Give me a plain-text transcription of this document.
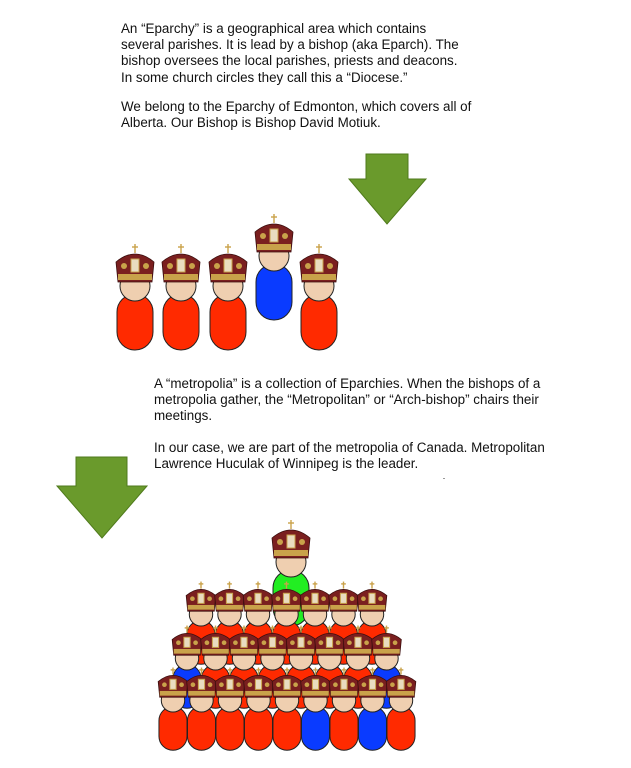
An “Eparchy” is a geographical area which contains
several parishes. It is lead by a bishop (aka Eparch). The
bishop oversees the local parishes, priests and deacons.
In some church circles they call this a “Diocese.”

We belong to the Eparchy of Edmonton, which covers all of
Alberta. Our Bishop is Bishop David Motiuk.

A “metropolia” is a collection of Eparchies. When the bishops of a
metropolia gather, the “Metropolitan” or “Arch-bishop” chairs their
meetings.

In our case, we are part of the metropolia of Canada. Metropolitan
Lawrence Huculak of Winnipeg is the leader.
